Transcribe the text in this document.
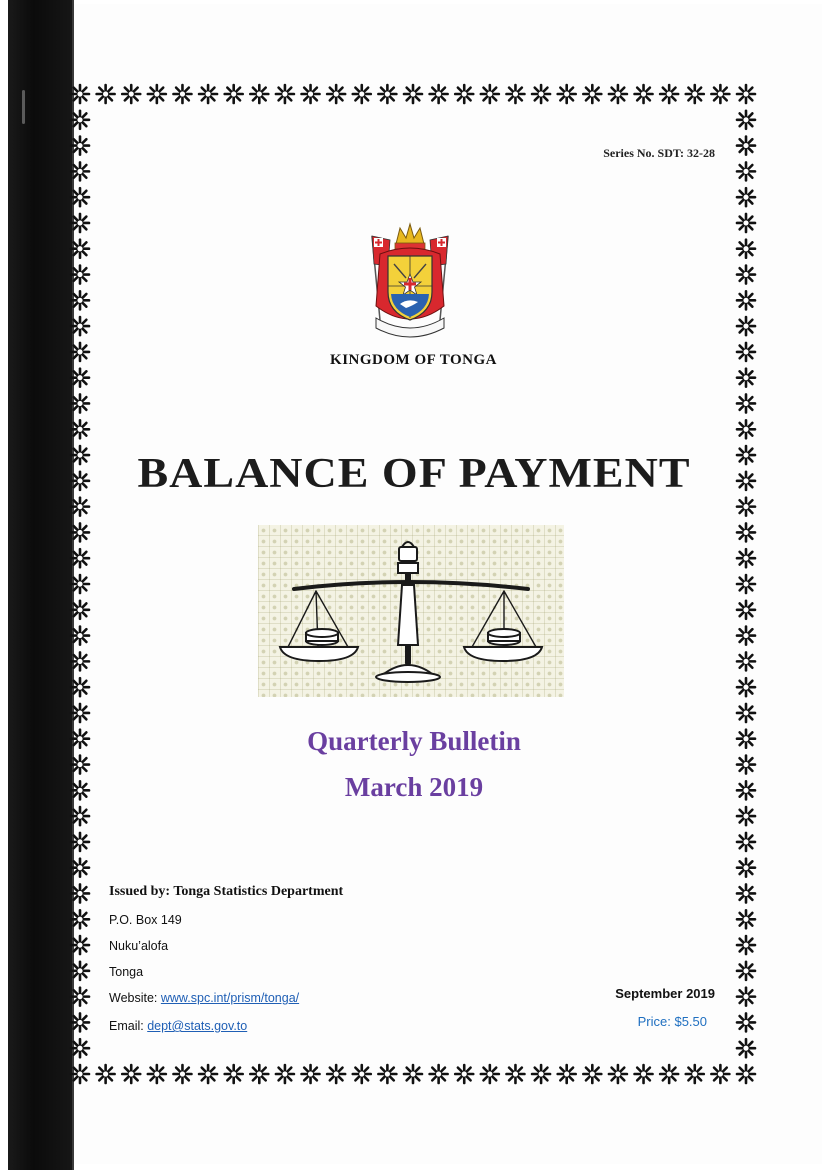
Series No. SDT: 32-28
KINGDOM OF TONGA
BALANCE OF PAYMENT
Quarterly Bulletin
March 2019
Issued by: Tonga Statistics Department
P.O. Box 149
Nuku’alofa
Tonga
Website: www.spc.int/prism/tonga/
Email: dept@stats.gov.to
September 2019
Price: $5.50
